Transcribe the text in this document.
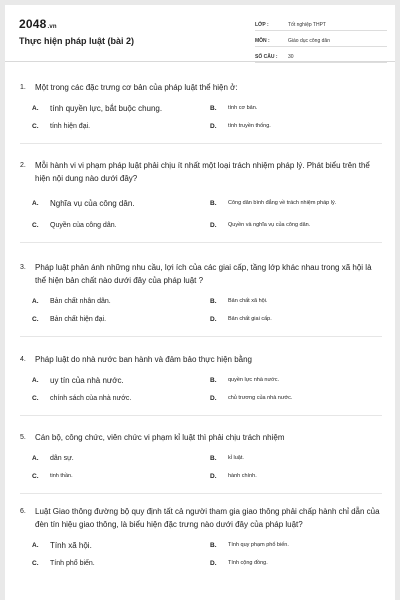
2048.vn
Thực hiện pháp luật (bài 2)
LỚP :	Tốt nghiệp THPT
MÔN :	Giáo dục công dân
SỐ CÂU :	30
1.	Một trong các đặc trưng cơ bản của pháp luật thể hiện ở:
A.	tính quyền lực, bắt buộc chung.	B.	tính cơ bản.
C.	tính hiện đại.	D.	tính truyền thống.
2.	Mỗi hành vi vi phạm pháp luật phải chịu ít nhất một loại trách nhiệm pháp lý. Phát biểu trên thể hiện nội dung nào dưới đây?
A.	Nghĩa vụ của công dân.	B.	Công dân bình đẳng về trách nhiệm pháp lý.
C.	Quyền của công dân.	D.	Quyền và nghĩa vụ của công dân.
3.	Pháp luật phản ánh những nhu cầu, lợi ích của các giai cấp, tầng lớp khác nhau trong xã hội là thể hiện bản chất nào dưới đây của pháp luật ?
A.	Bản chất nhân dân.	B.	Bản chất xã hội.
C.	Bản chất hiện đại.	D.	Bản chất giai cấp.
4.	Pháp luật do nhà nước ban hành và đảm bảo thực hiện bằng
A.	uy tín của nhà nước.	B.	quyền lực nhà nước.
C.	chính sách của nhà nước.	D.	chủ trương của nhà nước.
5.	Cán bộ, công chức, viên chức vi phạm kỉ luật thì phải chịu trách nhiệm
A.	dân sự.	B.	kỉ luật.
C.	tinh thần.	D.	hành chính.
6.	Luật Giao thông đường bộ quy định tất cả người tham gia giao thông phải chấp hành chỉ dẫn của đèn tín hiệu giao thông, là biểu hiện đặc trưng nào dưới đây của pháp luật?
A.	Tính xã hội.	B.	Tính quy phạm phổ biến.
C.	Tính phổ biến.	D.	Tính cộng đồng.
